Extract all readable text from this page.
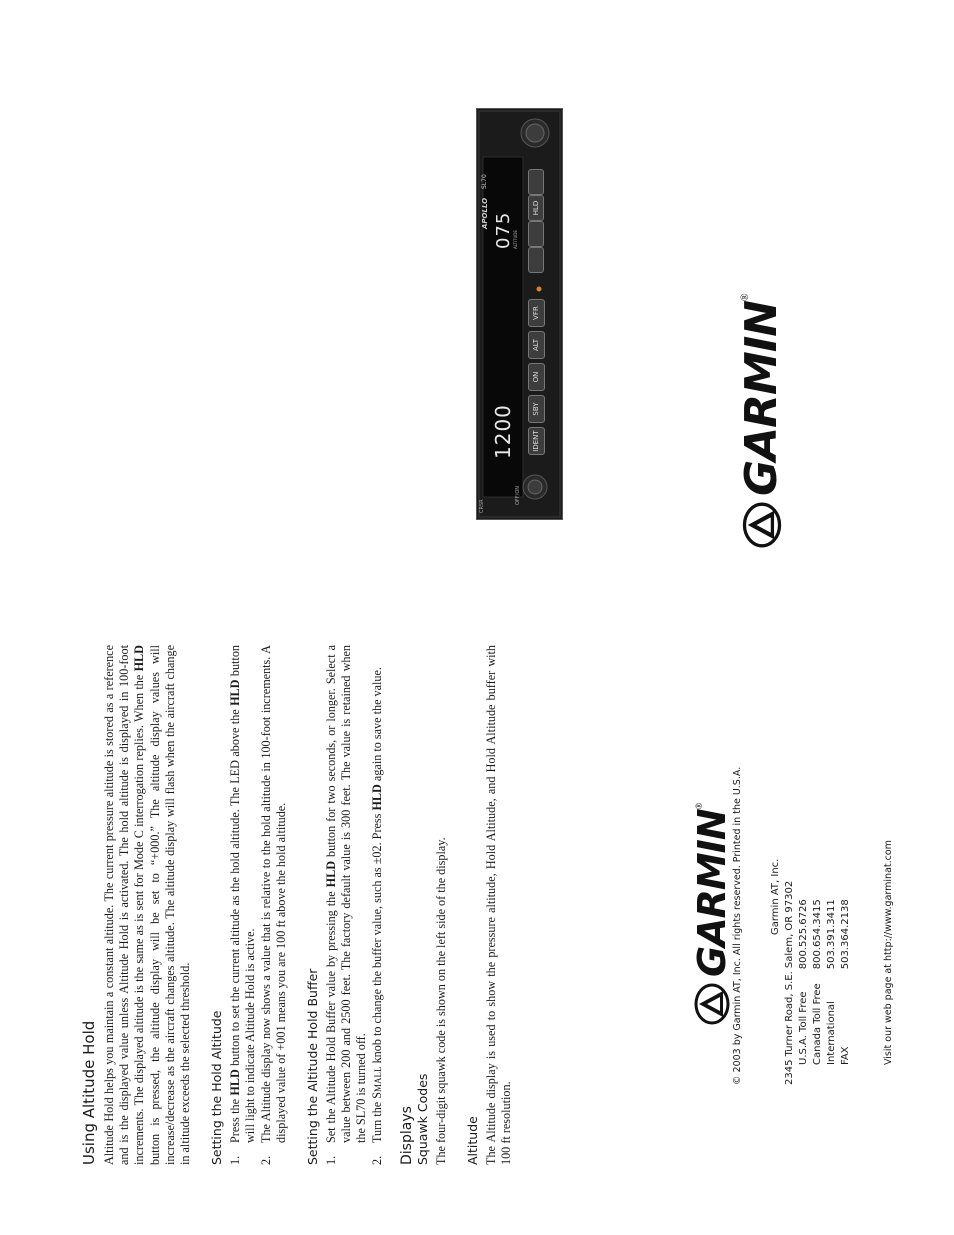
Using Altitude Hold Altitude Hold helps you maintain a constant altitude. The current pressure altitude is stored as a reference and is the displayed value unless Altitude Hold is activated. The hold altitude is displayed in 100-foot increments. The displayed altitude is the same as is sent for Mode C interrogation replies. When the HLD button is pressed, the altitude display will be set to “+000.” The altitude display values will increase/decrease as the aircraft changes altitude. The altitude display will flash when the aircraft change in altitude exceeds the selected threshold. Setting the Hold Altitude 1.
Press the HLD button to set the current altitude as the hold altitude. The LED above the HLD button will light to indicate Altitude Hold is active.
2.
The Altitude display now shows a value that is relative to the hold altitude in 100-foot increments. A displayed value of +001 means you are 100 ft above the hold altitude. Setting the Altitude Hold Buffer 1.
Set the Altitude Hold Buffer value by pressing the HLD button for two seconds, or longer. Select a value between 200 and 2500 feet. The factory default value is 300 feet. The value is retained when the SL70 is turned off.
2.
Turn the Small knob to change the buffer value, such as ±02. Press HLD again to save the value.
Displays Squawk Codes The four-digit squawk code is shown on the left side of the display. Altitude The Altitude display is used to show the pressure altitude, Hold Altitude, and Hold Altitude buffer with 100 ft resolution.

GARMIN
®	© 2003 by Garmin AT, Inc. All rights reserved. Printed in the U.S.A.	Garmin AT, Inc. 2345 Turner Road, S.E. Salem, OR 97302 U.S.A. Toll Free	800.525.6726
Canada Toll Free	800.654.3415
International	503.391.3411
FAX	503.364.2138	Visit our web page at http://www.garminat.com
1200
075
APOLLO
SL70
ALTITUDE
OFF/ON
CRSR
IDENT
SBY
ON
ALT
VFR
HLD
GARMIN
®
